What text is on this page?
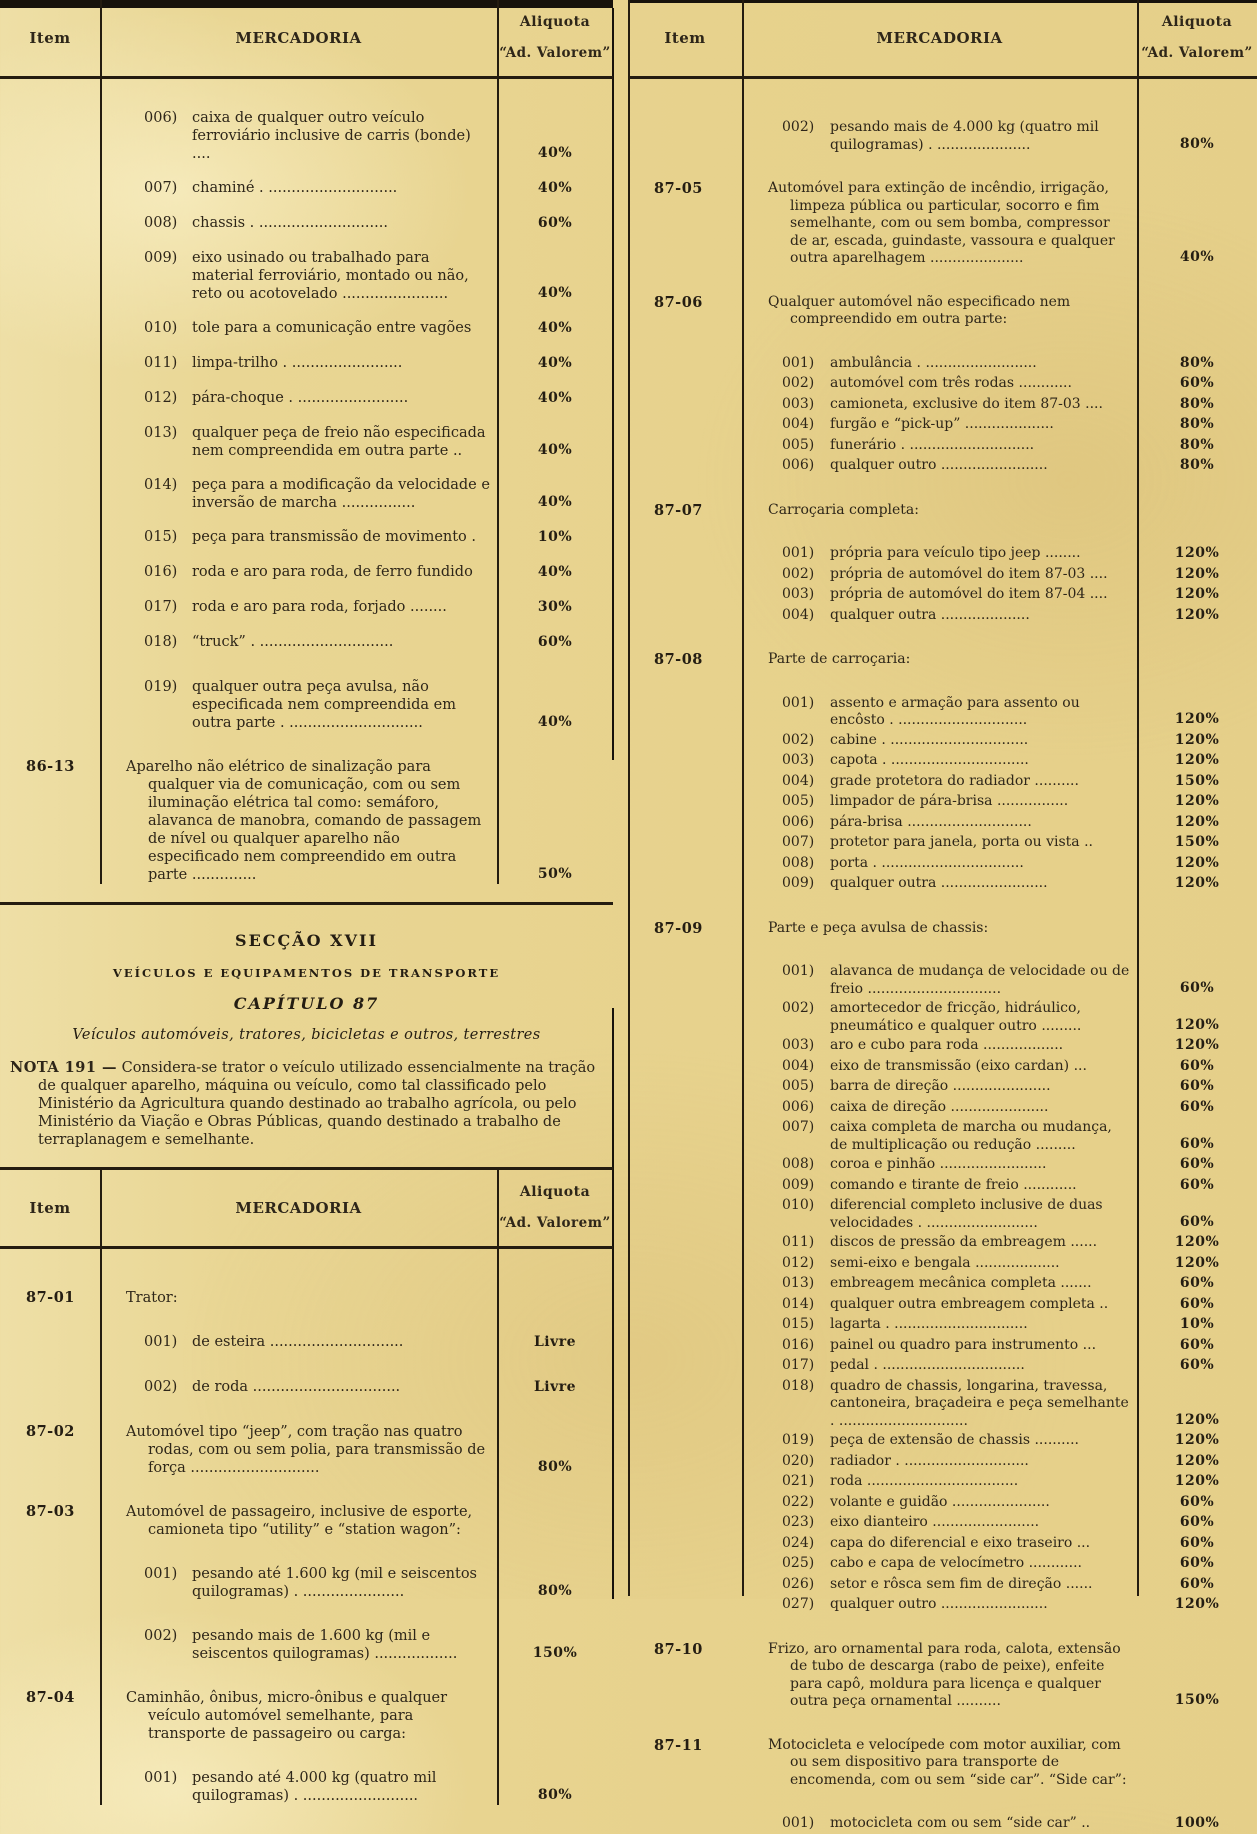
Item	MERCADORIA
Aliquota
“Ad. Valorem”
006)	caixa de qualquer outro veículo ferroviário inclusive de carris (bonde) ....	40%
007)	chaminé . ............................	40%
008)	chassis . ............................	60%
009)	eixo usinado ou trabalhado para material ferroviário, montado ou não, reto ou acotovelado .......................	40%
010)	tole para a comunicação entre vagões	40%
011)	limpa-trilho . ........................	40%
012)	pára-choque . ........................	40%
013)	qualquer peça de freio não especificada nem compreendida em outra parte ..	40%
014)	peça para a modificação da velocidade e inversão de marcha ................	40%
015)	peça para transmissão de movimento .	10%
016)	roda e aro para roda, de ferro fundido	40%
017)	roda e aro para roda, forjado ........	30%
018)	“truck” . .............................	60%
019)	qualquer outra peça avulsa, não especificada nem compreendida em outra parte . .............................	40%
86-13	Aparelho não elétrico de sinalização para qualquer via de comunicação, com ou sem iluminação elétrica tal como: semáforo, alavanca de manobra, comando de passagem de nível ou qualquer aparelho não especificado nem compreendido em outra parte ..............	50%
SECÇÃO XVII
VEÍCULOS E EQUIPAMENTOS DE TRANSPORTE
CAPÍTULO 87
Veículos automóveis, tratores, bicicletas e outros, terrestres
NOTA 191 — Considera-se trator o veículo utilizado essencialmente na tração de qualquer aparelho, máquina ou veículo, como tal classificado pelo Ministério da Agricultura quando destinado ao trabalho agrícola, ou pelo Ministério da Viação e Obras Públicas, quando destinado a trabalho de terraplanagem e semelhante.
Item	MERCADORIA
Aliquota
“Ad. Valorem”
87-01	Trator:
001)	de esteira .............................	Livre
002)	de roda ................................	Livre
87-02	Automóvel tipo “jeep”, com tração nas quatro rodas, com ou sem polia, para transmissão de força ............................	80%
87-03	Automóvel de passageiro, inclusive de esporte, camioneta tipo “utility” e “station wagon”:
001)	pesando até 1.600 kg (mil e seiscentos quilogramas) . ......................	80%
002)	pesando mais de 1.600 kg (mil e seiscentos quilogramas) ..................	150%
87-04	Caminhão, ônibus, micro-ônibus e qualquer veículo automóvel semelhante, para transporte de passageiro ou carga:
001)	pesando até 4.000 kg (quatro mil quilogramas) . .........................	80%
Item	MERCADORIA
Aliquota
“Ad. Valorem”
002)	pesando mais de 4.000 kg (quatro mil quilogramas) . .....................	80%
87-05	Automóvel para extinção de incêndio, irrigação, limpeza pública ou particular, socorro e fim semelhante, com ou sem bomba, compressor de ar, escada, guindaste, vassoura e qualquer outra aparelhagem .....................	40%
87-06	Qualquer automóvel não especificado nem compreendido em outra parte:
001)	ambulância . .........................	80%
002)	automóvel com três rodas ............	60%
003)	camioneta, exclusive do item 87-03 ....	80%
004)	furgão e “pick-up” ....................	80%
005)	funerário . ............................	80%
006)	qualquer outro ........................	80%
87-07	Carroçaria completa:
001)	própria para veículo tipo jeep ........	120%
002)	própria de automóvel do item 87-03 ....	120%
003)	própria de automóvel do item 87-04 ....	120%
004)	qualquer outra ....................	120%
87-08	Parte de carroçaria:
001)	assento e armação para assento ou encôsto . .............................	120%
002)	cabine . ...............................	120%
003)	capota . ...............................	120%
004)	grade protetora do radiador ..........	150%
005)	limpador de pára-brisa ................	120%
006)	pára-brisa ............................	120%
007)	protetor para janela, porta ou vista ..	150%
008)	porta . ................................	120%
009)	qualquer outra ........................	120%
87-09	Parte e peça avulsa de chassis:
001)	alavanca de mudança de velocidade ou de freio ..............................	60%
002)	amortecedor de fricção, hidráulico, pneumático e qualquer outro .........	120%
003)	aro e cubo para roda ..................	120%
004)	eixo de transmissão (eixo cardan) ...	60%
005)	barra de direção ......................	60%
006)	caixa de direção ......................	60%
007)	caixa completa de marcha ou mudança, de multiplicação ou redução .........	60%
008)	coroa e pinhão ........................	60%
009)	comando e tirante de freio ............	60%
010)	diferencial completo inclusive de duas velocidades . .........................	60%
011)	discos de pressão da embreagem ......	120%
012)	semi-eixo e bengala ...................	120%
013)	embreagem mecânica completa .......	60%
014)	qualquer outra embreagem completa ..	60%
015)	lagarta . ..............................	10%
016)	painel ou quadro para instrumento ...	60%
017)	pedal . ................................	60%
018)	quadro de chassis, longarina, travessa, cantoneira, braçadeira e peça semelhante . .............................	120%
019)	peça de extensão de chassis ..........	120%
020)	radiador . ............................	120%
021)	roda ..................................	120%
022)	volante e guidão ......................	60%
023)	eixo dianteiro ........................	60%
024)	capa do diferencial e eixo traseiro ...	60%
025)	cabo e capa de velocímetro ............	60%
026)	setor e rôsca sem fim de direção ......	60%
027)	qualquer outro ........................	120%
87-10	Frizo, aro ornamental para roda, calota, extensão de tubo de descarga (rabo de peixe), enfeite para capô, moldura para licença e qualquer outra peça ornamental ..........	150%
87-11	Motocicleta e velocípede com motor auxiliar, com ou sem dispositivo para transporte de encomenda, com ou sem “side car”. “Side car”:
001)	motocicleta com ou sem “side car” ..	100%
